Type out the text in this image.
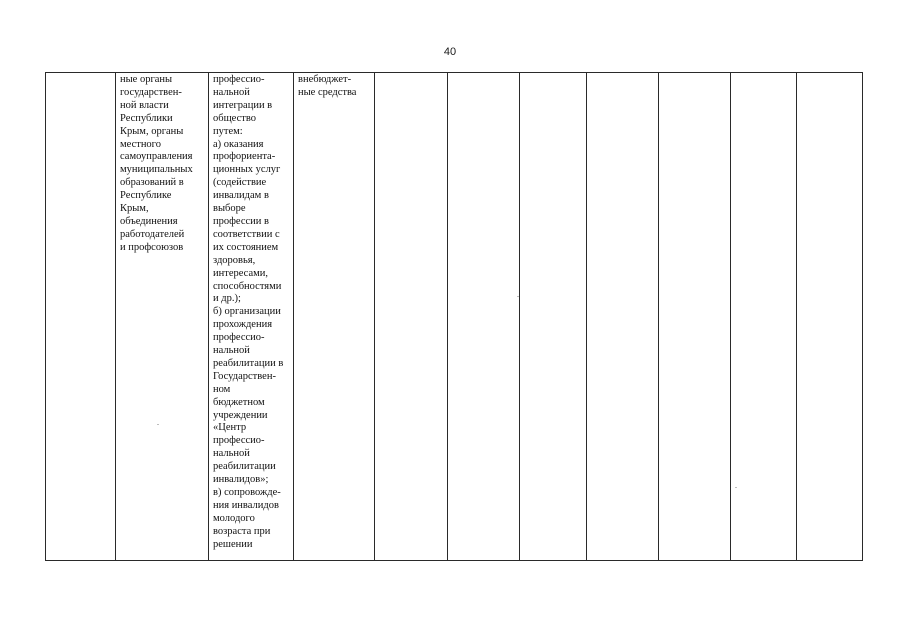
40
	ные органы
государствен-
ной власти
Республики
Крым, органы
местного
самоуправления
муниципальных
образований в
Республике
Крым,
объединения
работодателей
и профсоюзов	профессио-
нальной
интеграции в
общество
путем:
а) оказания
профориента-
ционных услуг
(содействие
инвалидам в
выборе
профессии в
соответствии с
их состоянием
здоровья,
интересами,
способностями
и др.);
б) организации
прохождения
профессио-
нальной
реабилитации в
Государствен-
ном
бюджетном
учреждении
«Центр
профессио-
нальной
реабилитации
инвалидов»;
в) сопровожде-
ния инвалидов
молодого
возраста при
решении	внебюджет-
ные средства							
